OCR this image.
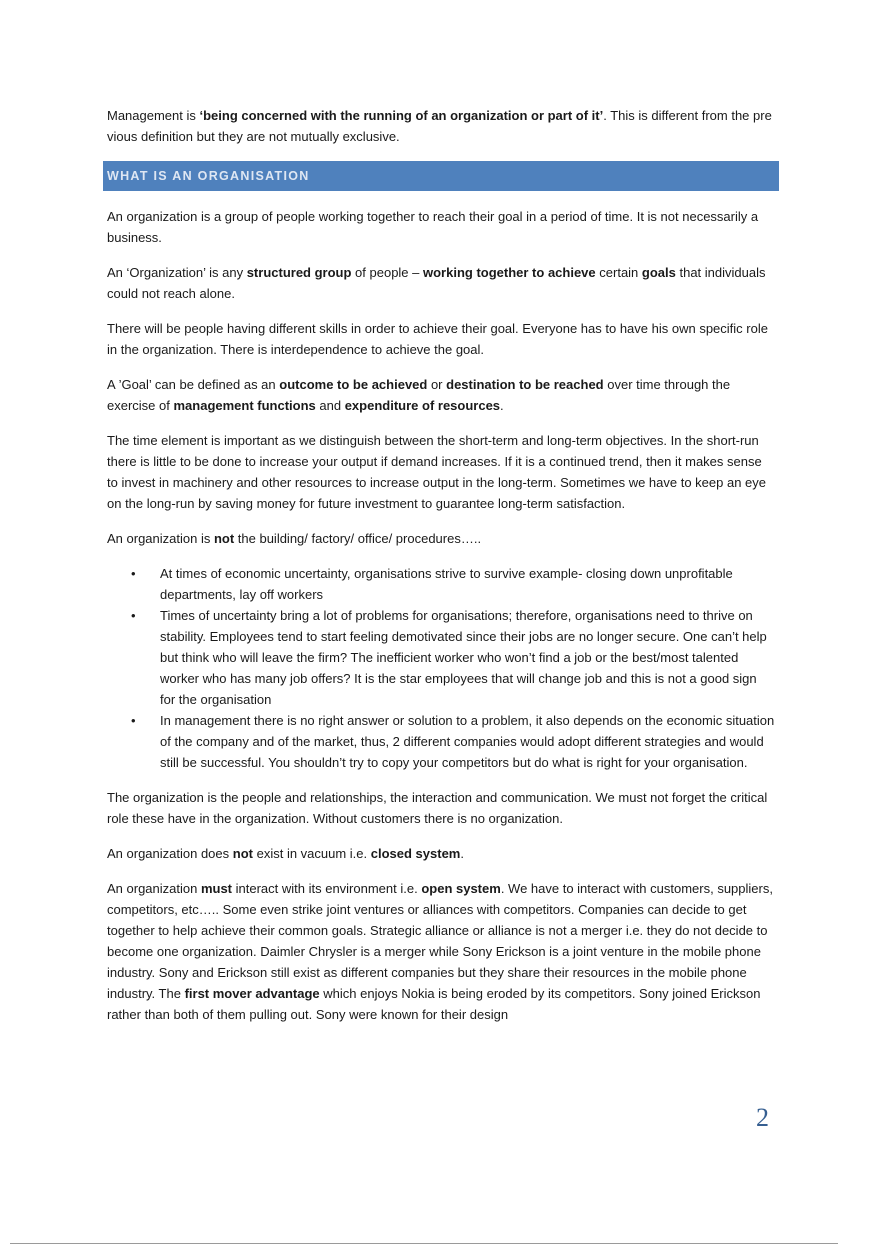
Management is ‘being concerned with the running of an organization or part of it’. This is different from the pre vious definition but they are not mutually exclusive.

WHAT IS AN ORGANISATION

An organization is a group of people working together to reach their goal in a period of time. It is not necessarily a business.

An ‘Organization’ is any structured group of people – working together to achieve certain goals that individuals could not reach alone.

There will be people having different skills in order to achieve their goal. Everyone has to have his own specific role in the organization. There is interdependence to achieve the goal.

A ’Goal’ can be defined as an outcome to be achieved or destination to be reached over time through the exercise of management functions and expenditure of resources.

The time element is important as we distinguish between the short-term and long-term objectives. In the short-run there is little to be done to increase your output if demand increases. If it is a continued trend, then it makes sense to invest in machinery and other resources to increase output in the long-term. Sometimes we have to keep an eye on the long-run by saving money for future investment to guarantee long-term satisfaction.

An organization is not the building/ factory/ office/ procedures…..

• At times of economic uncertainty, organisations strive to survive example- closing down unprofitable departments, lay off workers
• Times of uncertainty bring a lot of problems for organisations; therefore, organisations need to thrive on stability. Employees tend to start feeling demotivated since their jobs are no longer secure. One can’t help but think who will leave the firm? The inefficient worker who won’t find a job or the best/most talented worker who has many job offers? It is the star employees that will change job and this is not a good sign for the organisation
• In management there is no right answer or solution to a problem, it also depends on the economic situation of the company and of the market, thus, 2 different companies would adopt different strategies and would still be successful. You shouldn’t try to copy your competitors but do what is right for your organisation.

The organization is the people and relationships, the interaction and communication. We must not forget the critical role these have in the organization. Without customers there is no organization.

An organization does not exist in vacuum i.e. closed system.

An organization must interact with its environment i.e. open system. We have to interact with customers, suppliers, competitors, etc….. Some even strike joint ventures or alliances with competitors. Companies can decide to get together to help achieve their common goals. Strategic alliance or alliance is not a merger i.e. they do not decide to become one organization. Daimler Chrysler is a merger while Sony Erickson is a joint venture in the mobile phone industry. Sony and Erickson still exist as different companies but they share their resources in the mobile phone industry. The first mover advantage which enjoys Nokia is being eroded by its competitors. Sony joined Erickson rather than both of them pulling out. Sony were known for their design

2
